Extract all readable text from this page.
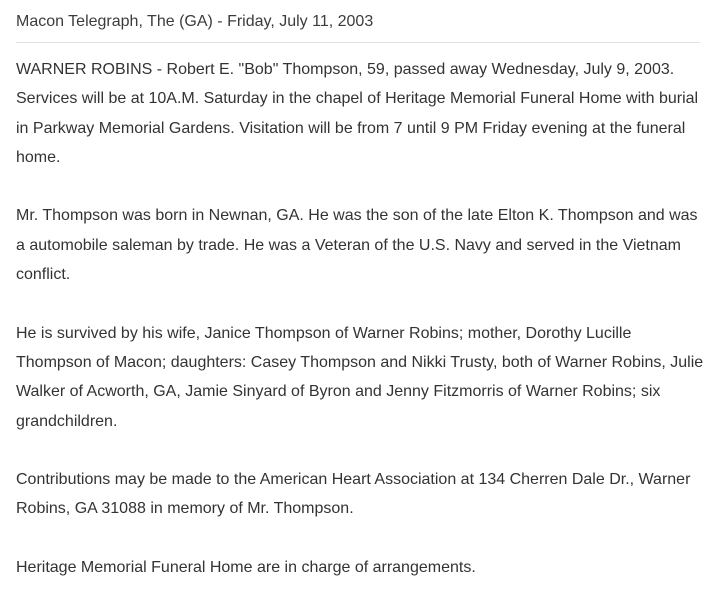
Macon Telegraph, The (GA) - Friday, July 11, 2003

WARNER ROBINS - Robert E. "Bob" Thompson, 59, passed away Wednesday, July 9, 2003. Services will be at 10A.M. Saturday in the chapel of Heritage Memorial Funeral Home with burial in Parkway Memorial Gardens. Visitation will be from 7 until 9 PM Friday evening at the funeral home.

Mr. Thompson was born in Newnan, GA. He was the son of the late Elton K. Thompson and was a automobile saleman by trade. He was a Veteran of the U.S. Navy and served in the Vietnam conflict.

He is survived by his wife, Janice Thompson of Warner Robins; mother, Dorothy Lucille Thompson of Macon; daughters: Casey Thompson and Nikki Trusty, both of Warner Robins, Julie Walker of Acworth, GA, Jamie Sinyard of Byron and Jenny Fitzmorris of Warner Robins; six grandchildren.

Contributions may be made to the American Heart Association at 134 Cherren Dale Dr., Warner Robins, GA 31088 in memory of Mr. Thompson.

Heritage Memorial Funeral Home are in charge of arrangements.
